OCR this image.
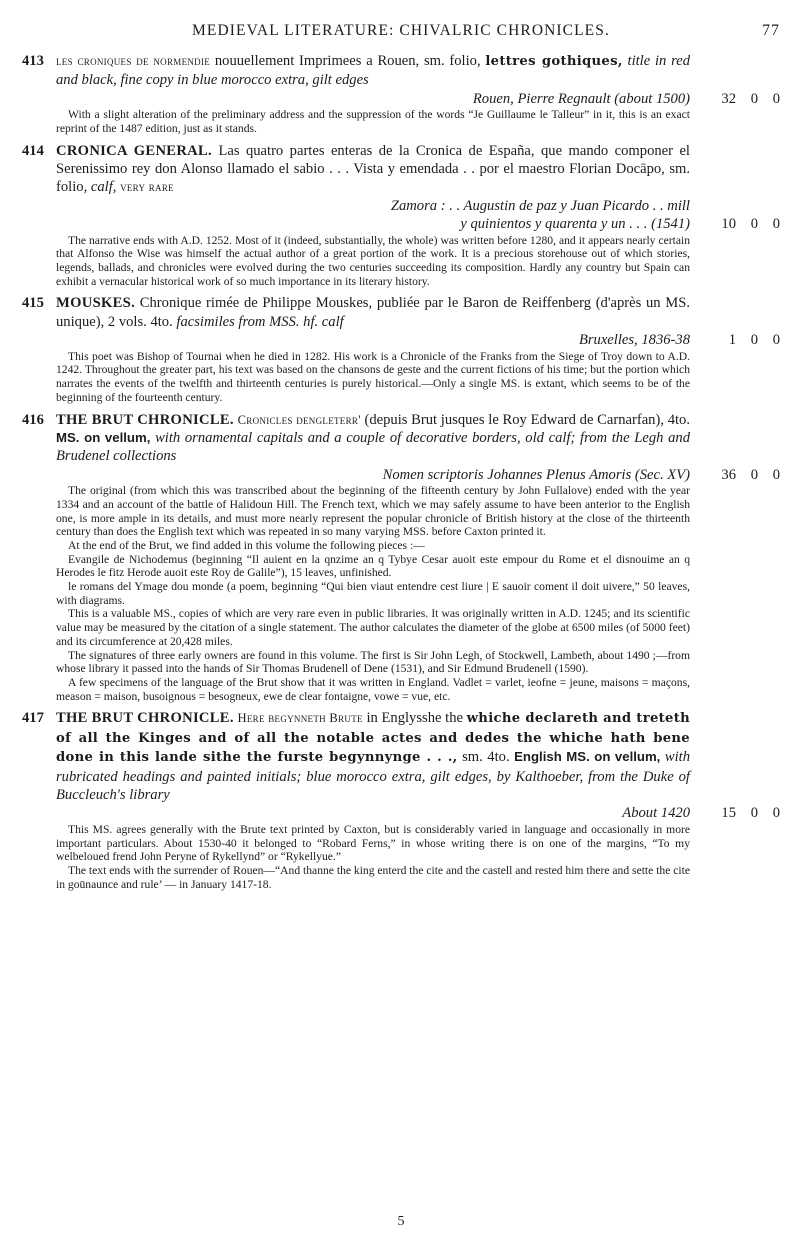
MEDIEVAL LITERATURE: CHIVALRIC CHRONICLES.	77

413 les croniques de normendie nouuellement Imprimees a Rouen, sm. folio, lettres gothiques, title in red and black, fine copy in blue morocco extra, gilt edges

Rouen, Pierre Regnault (about 1500)	32 0 0

With a slight alteration of the preliminary address and the suppression of the words “Je Guillaume le Talleur” in it, this is an exact reprint of the 1487 edition, just as it stands.

414 CRONICA GENERAL. Las quatro partes enteras de la Cronica de España, que mando componer el Serenissimo rey don Alonso llamado el sabio . . . Vista y emendada . . por el maestro Florian Docāpo, sm. folio, calf, very rare

Zamora : . . Augustin de paz y Juan Picardo . . mill
y quinientos y quarenta y un . . . (1541)	10 0 0

The narrative ends with A.D. 1252. Most of it (indeed, substantially, the whole) was written before 1280, and it appears nearly certain that Alfonso the Wise was himself the actual author of a great portion of the work. It is a precious storehouse out of which stories, legends, ballads, and chronicles were evolved during the two centuries succeeding its composition. Hardly any country but Spain can exhibit a vernacular historical work of so much importance in its literary history.

415 MOUSKES. Chronique rimée de Philippe Mouskes, publiée par le Baron de Reiffenberg (d'après un MS. unique), 2 vols. 4to. facsimiles from MSS. hf. calf

Bruxelles, 1836-38	1 0 0

This poet was Bishop of Tournai when he died in 1282. His work is a Chronicle of the Franks from the Siege of Troy down to A.D. 1242. Throughout the greater part, his text was based on the chansons de geste and the current fictions of his time; but the portion which narrates the events of the twelfth and thirteenth centuries is purely historical.—Only a single MS. is extant, which seems to be of the beginning of the fourteenth century.

416 THE BRUT CHRONICLE. Cronicles dengleterr' (depuis Brut jusques le Roy Edward de Carnarfan), 4to. MS. on vellum, with ornamental capitals and a couple of decorative borders, old calf; from the Legh and Brudenel collections

Nomen scriptoris Johannes Plenus Amoris (Sec. XV)	36 0 0

The original (from which this was transcribed about the beginning of the fifteenth century by John Fullalove) ended with the year 1334 and an account of the battle of Halidoun Hill. The French text, which we may safely assume to have been anterior to the English one, is more ample in its details, and must more nearly represent the popular chronicle of British history at the close of the thirteenth century than does the English text which was repeated in so many varying MSS. before Caxton printed it.

At the end of the Brut, we find added in this volume the following pieces :—

Evangile de Nichodemus (beginning “Il auient en la qnzime an q Tybye Cesar auoit este empour du Rome et el disnouime an q Herodes le fitz Herode auoit este Roy de Galile”), 15 leaves, unfinished.

le romans del Ymage dou monde (a poem, beginning “Qui bien viaut entendre cest liure | E sauoir coment il doit uivere,” 50 leaves, with diagrams.

This is a valuable MS., copies of which are very rare even in public libraries. It was originally written in A.D. 1245; and its scientific value may be measured by the citation of a single statement. The author calculates the diameter of the globe at 6500 miles (of 5000 feet) and its circumference at 20,428 miles.

The signatures of three early owners are found in this volume. The first is Sir John Legh, of Stockwell, Lambeth, about 1490 ;—from whose library it passed into the hands of Sir Thomas Brudenell of Dene (1531), and Sir Edmund Brudenell (1590).

A few specimens of the language of the Brut show that it was written in England. Vadlet = varlet, ieofne = jeune, maisons = maçons, meason = maison, busoignous = besogneux, ewe de clear fontaigne, vowe = vue, etc.

417 THE BRUT CHRONICLE. Here begynneth Brute in Englysshe the whiche declareth and treteth of all the Kinges and of all the notable actes and dedes the whiche hath bene done in this lande sithe the furste begynnynge . . ., sm. 4to. English MS. on vellum, with rubricated headings and painted initials; blue morocco extra, gilt edges, by Kalthoeber, from the Duke of Buccleuch's library

About 1420	15 0 0

This MS. agrees generally with the Brute text printed by Caxton, but is considerably varied in language and occasionally in more important particulars. About 1530-40 it belonged to “Robard Ferns,” in whose writing there is on one of the margins, “To my welbeloued frend John Peryne of Rykellynd” or “Rykellyue.”

The text ends with the surrender of Rouen—“And thanne the king enterd the cite and the castell and rested him there and sette the cite in goūnaunce and rule’ — in January 1417-18.

5
